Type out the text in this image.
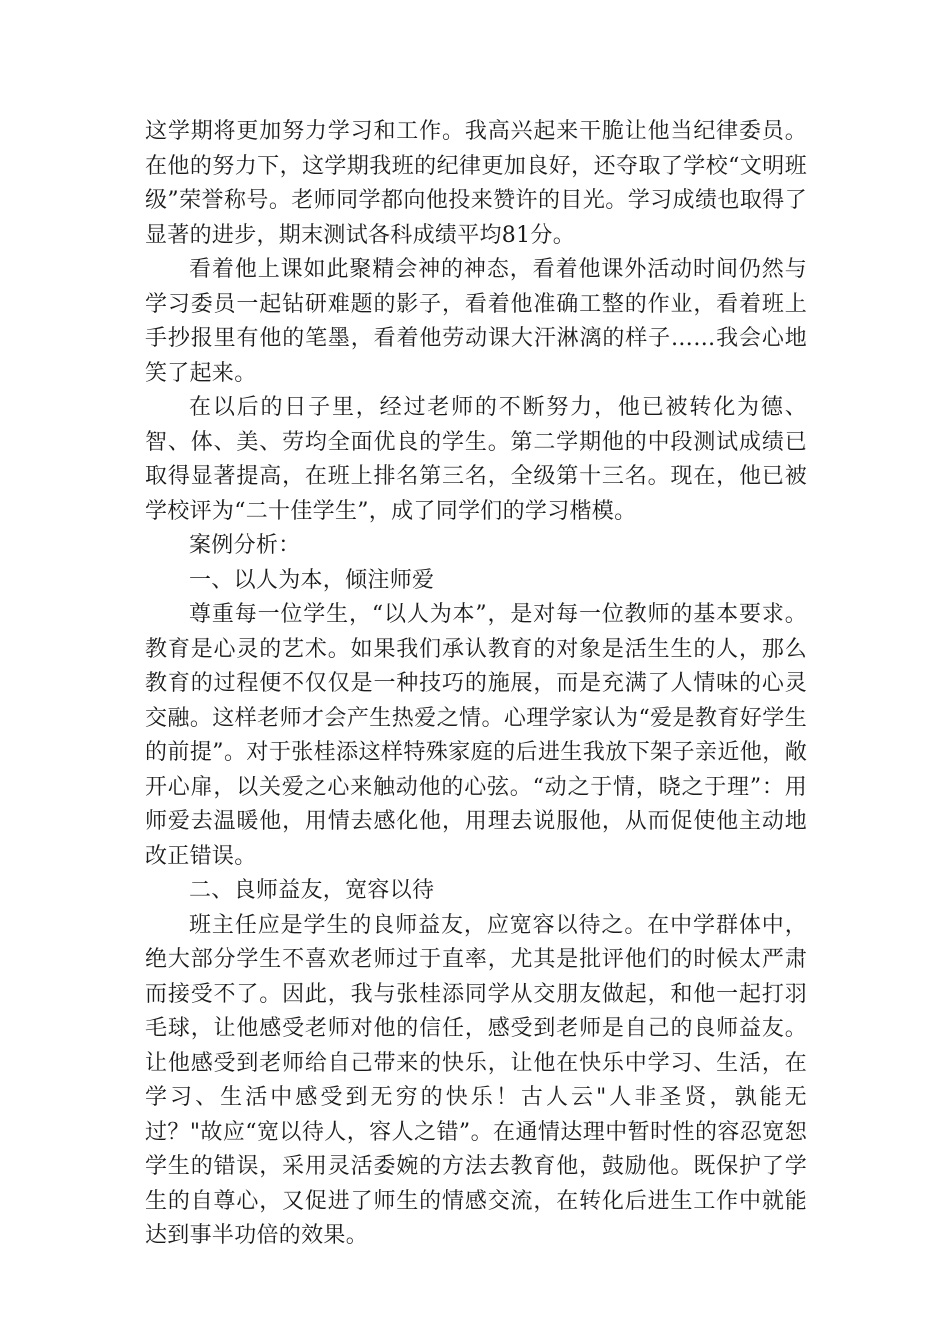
这学期将更加努力学习和工作。我高兴起来干脆让他当纪律委员。在他的努力下，这学期我班的纪律更加良好，还夺取了学校“文明班级”荣誉称号。老师同学都向他投来赞许的目光。学习成绩也取得了显著的进步，期末测试各科成绩平均81分。

看着他上课如此聚精会神的神态，看着他课外活动时间仍然与学习委员一起钻研难题的影子，看着他准确工整的作业，看着班上手抄报里有他的笔墨，看着他劳动课大汗淋漓的样子……我会心地笑了起来。

在以后的日子里，经过老师的不断努力，他已被转化为德、智、体、美、劳均全面优良的学生。第二学期他的中段测试成绩已取得显著提高，在班上排名第三名，全级第十三名。现在，他已被学校评为“二十佳学生”，成了同学们的学习楷模。

案例分析：

一、以人为本，倾注师爱

尊重每一位学生，“以人为本”，是对每一位教师的基本要求。教育是心灵的艺术。如果我们承认教育的对象是活生生的人，那么教育的过程便不仅仅是一种技巧的施展，而是充满了人情味的心灵交融。这样老师才会产生热爱之情。心理学家认为“爱是教育好学生的前提”。对于张桂添这样特殊家庭的后进生我放下架子亲近他，敞开心扉，以关爱之心来触动他的心弦。“动之于情，晓之于理”：用师爱去温暖他，用情去感化他，用理去说服他，从而促使他主动地改正错误。

二、良师益友，宽容以待

班主任应是学生的良师益友，应宽容以待之。在中学群体中，绝大部分学生不喜欢老师过于直率，尤其是批评他们的时候太严肃而接受不了。因此，我与张桂添同学从交朋友做起，和他一起打羽毛球，让他感受老师对他的信任，感受到老师是自己的良师益友。让他感受到老师给自己带来的快乐，让他在快乐中学习、生活，在学习、生活中感受到无穷的快乐！古人云"人非圣贤，孰能无过？"故应“宽以待人，容人之错”。在通情达理中暂时性的容忍宽恕学生的错误，采用灵活委婉的方法去教育他，鼓励他。既保护了学生的自尊心，又促进了师生的情感交流，在转化后进生工作中就能达到事半功倍的效果。
